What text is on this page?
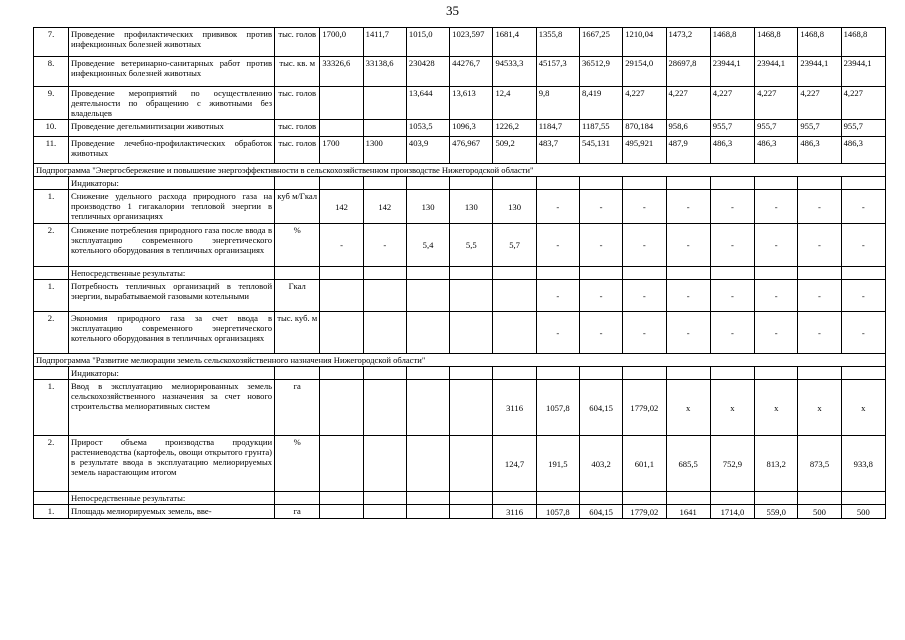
35
7.	Проведение профилактических прививок против инфекционных болезней животных	тыс. голов	1700,0	1411,7	1015,0	1023,597	1681,4	1355,8	1667,25	1210,04	1473,2	1468,8	1468,8	1468,8	1468,8
8.	Проведение ветеринарно-санитарных работ против инфекционных болезней животных	тыс. кв. м	33326,6	33138,6	230428	44276,7	94533,3	45157,3	36512,9	29154,0	28697,8	23944,1	23944,1	23944,1	23944,1
9.	Проведение мероприятий по осуществлению деятельности по обращению с животными без владельцев	тыс. голов			13,644	13,613	12,4	9,8	8,419	4,227	4,227	4,227	4,227	4,227	4,227
10.	Проведение дегельминтизации животных	тыс. голов			1053,5	1096,3	1226,2	1184,7	1187,55	870,184	958,6	955,7	955,7	955,7	955,7
11.	Проведение лечебно-профилактических обработок животных	тыс. голов	1700	1300	403,9	476,967	509,2	483,7	545,131	495,921	487,9	486,3	486,3	486,3	486,3
Подпрограмма "Энергосбережение и повышение энергоэффективности в сельскохозяйственном производстве Нижегородской области"															
	Индикаторы:														
1.	Снижение удельного расхода природного газа на производство 1 гигакалории тепловой энергии в тепличных организациях	куб м/Гкал	142	142	130	130	130	-	-	-	-	-	-	-	-
2.	Снижение потребления природного газа после ввода в эксплуатацию современного энергетического котельного оборудования в тепличных организациях	%	-	-	5,4	5,5	5,7	-	-	-	-	-	-	-	-
	Непосредственные результаты:														
1.	Потребность тепличных организаций в тепловой энергии, вырабатываемой газовыми котельными	Гкал						-	-	-	-	-	-	-	-
2.	Экономия природного газа за счет ввода в эксплуатацию современного энергетического котельного оборудования в тепличных организациях	тыс. куб. м						-	-	-	-	-	-	-	-
Подпрограмма "Развитие мелиорации земель сельскохозяйственного назначения Нижегородской области"															
	Индикаторы:														
1.	Ввод в эксплуатацию мелиорированных земель сельскохозяйственного назначения за счет нового строительства мелиоративных систем	га					3116	1057,8	604,15	1779,02	х	х	х	х	х
2.	Прирост объема производства продукции растениеводства (картофель, овощи открытого грунта) в результате ввода в эксплуатацию мелиорируемых земель нарастающим итогом	%					124,7	191,5	403,2	601,1	685,5	752,9	813,2	873,5	933,8
	Непосредственные результаты:														
1.	Площадь мелиорируемых земель, вве-	га					3116	1057,8	604,15	1779,02	1641	1714,0	559,0	500	500
